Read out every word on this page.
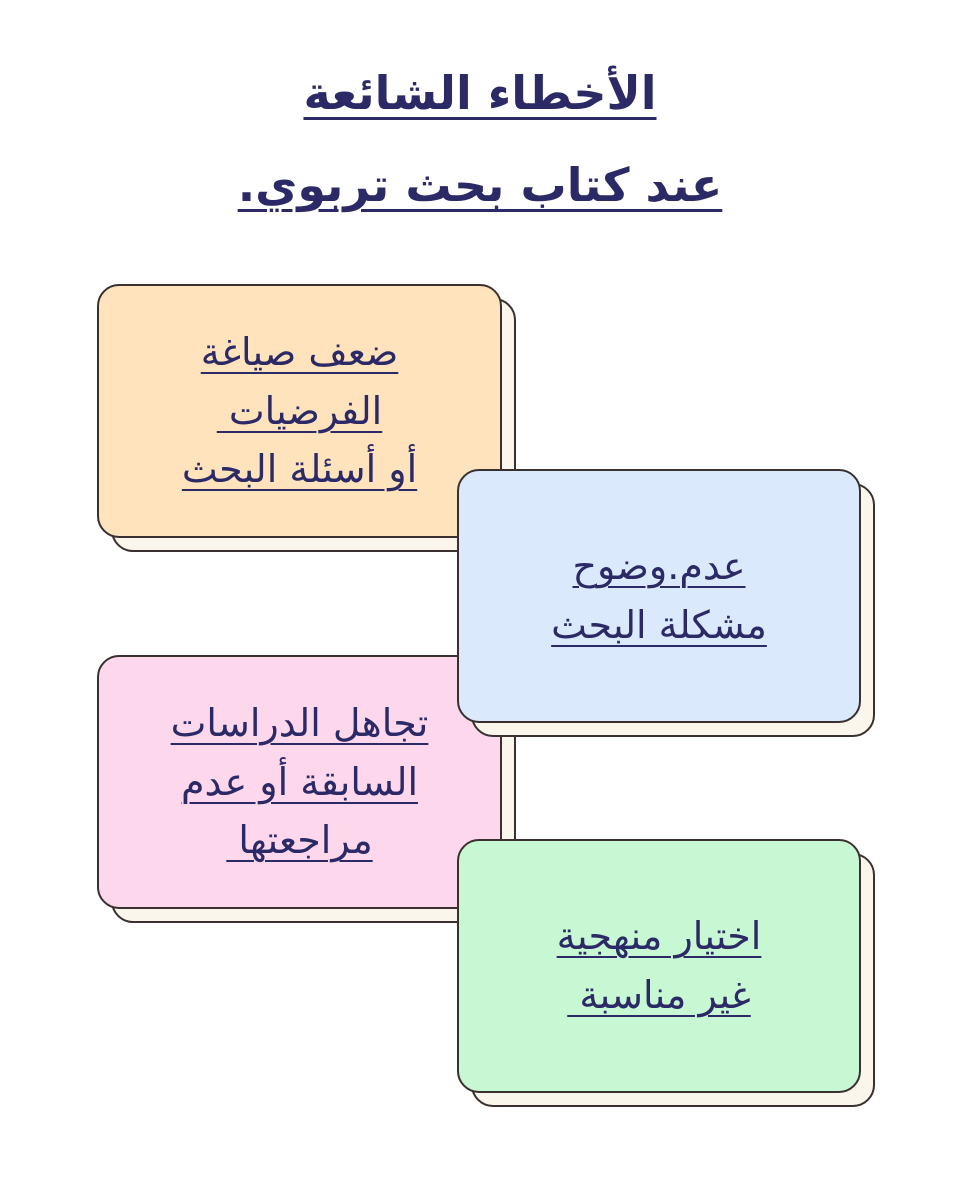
الأخطاء الشائعة
عند كتاب بحث تربوي.
ضعف صياغة
الفرضيات
أو أسئلة البحث
تجاهل الدراسات
السابقة أو عدم
مراجعتها
عدم.وضوح
مشكلة البحث
اختيار منهجية
غير مناسبة
